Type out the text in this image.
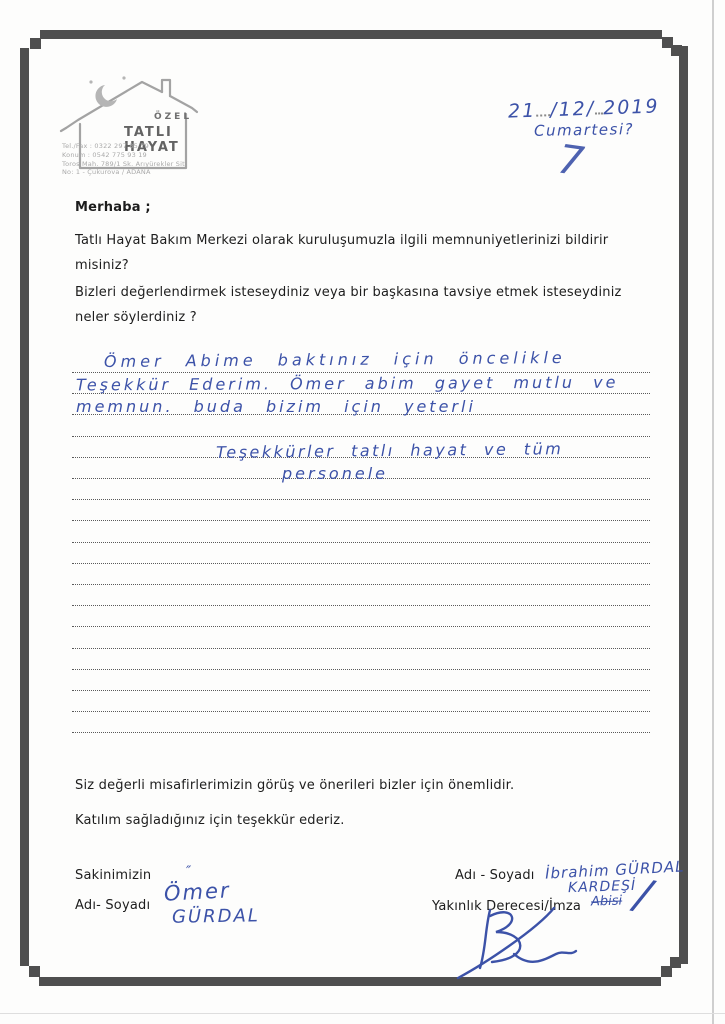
ÖZEL
TATLI HAYAT
Tel./Fax : 0322 297 85 79
Konum : 0542 775 93 19
Toros Mah. 789/1 Sk. Arıyürekler Sit.
No: 1 - Çukurova / ADANA
21 /12/ 2019
Cumartesi?
7
Merhaba ;
Tatlı Hayat Bakım Merkezi olarak kuruluşumuzla ilgili memnuniyetlerinizi bildirir
misiniz?
Bizleri değerlendirmek isteseydiniz veya bir başkasına tavsiye etmek isteseydiniz
neler söylerdiniz ?
Ömer Abime baktınız için öncelikle
Teşekkür Ederim. Ömer abim gayet mutlu ve
memnun. buda bizim için yeterli
Teşekkürler tatlı hayat ve tüm
personele
Siz değerli misafirlerimizin görüş ve önerileri bizler için önemlidir.
Katılım sağladığınız için teşekkür ederiz.
Sakinimizin
Adı- Soyadı
″
Ömer
GÜRDAL
Adı - Soyadı
Yakınlık Derecesi/İmza
İbrahim GÜRDAL
KARDEŞİ
Abisi /
